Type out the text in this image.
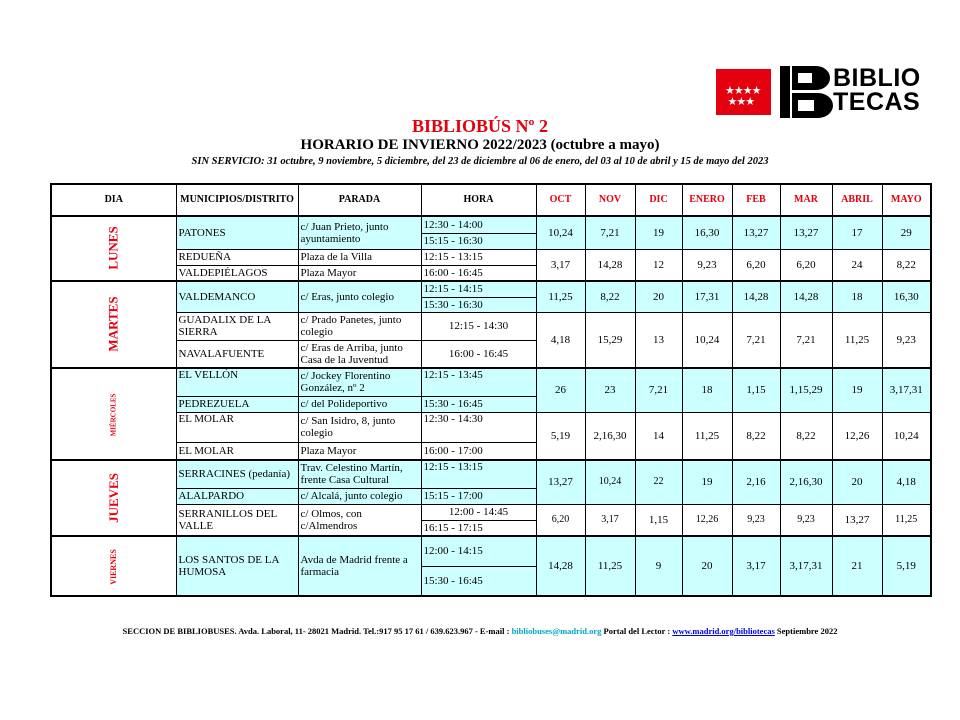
★★★★
★★★
BIBLIO
TECAS
BIBLIOBÚS Nº 2
HORARIO DE INVIERNO 2022/2023 (octubre a mayo)
SIN SERVICIO: 31 octubre, 9 noviembre, 5 diciembre, del 23 de diciembre al 06 de enero, del 03 al 10 de abril y 15 de mayo del 2023
DIA	MUNICIPIOS/DISTRITO	PARADA	HORA	OCT	NOV	DIC	ENERO	FEB	MAR	ABRIL	MAYO
LUNES	PATONES	c/ Juan Prieto, junto ayuntamiento	12:30 - 14:00	10,24	7,21	19	16,30	13,27	13,27	17	29
			15:15 - 16:30								
	REDUEÑA	Plaza de la Villa	12:15 - 13:15	3,17	14,28	12	9,23	6,20	6,20	24	8,22
	VALDEPIÉLAGOS	Plaza Mayor	16:00 - 16:45								
MARTES	VALDEMANCO	c/ Eras, junto colegio	12:15 - 14:15	11,25	8,22	20	17,31	14,28	14,28	18	16,30
			15:30 - 16:30								
	GUADALIX DE LA SIERRA	c/ Prado Panetes, junto colegio	12:15 - 14:30	4,18	15,29	13	10,24	7,21	7,21	11,25	9,23
	NAVALAFUENTE	c/ Eras de Arriba, junto Casa de la Juventud	16:00 - 16:45								
MIÉRCOLES	EL VELLÓN	c/ Jockey Florentino González, nº 2	12:15 - 13:45	26	23	7,21	18	1,15	1,15,29	19	3,17,31
	PEDREZUELA	c/ del Polideportivo	15:30 - 16:45								
	EL MOLAR	c/ San Isidro, 8, junto colegio	12:30 - 14:30	5,19	2,16,30	14	11,25	8,22	8,22	12,26	10,24
	EL MOLAR	Plaza Mayor	16:00 - 17:00								
JUEVES	SERRACINES (pedanía)	Trav. Celestino Martín, frente Casa Cultural	12:15 - 13:15	13,27	10,24	22	19	2,16	2,16,30	20	4,18
	ALALPARDO	c/ Alcalá, junto colegio	15:15 - 17:00								
	SERRANILLOS DEL VALLE	c/ Olmos, con c/Almendros	12:00 - 14:45	6,20	3,17	1,15	12,26	9,23	9,23	13,27	11,25
			16:15 - 17:15								
VIERNES	LOS SANTOS DE LA HUMOSA	Avda de Madrid frente a farmacia	12:00 - 14:15	14,28	11,25	9	20	3,17	3,17,31	21	5,19
			15:30 - 16:45								
SECCION DE BIBLIOBUSES. Avda. Laboral, 11- 28021 Madrid. Tel.:917 95 17 61 / 639.623.967 - E-mail : bibliobuses@madrid.org Portal del Lector : www.madrid.org/bibliotecas Septiembre 2022
